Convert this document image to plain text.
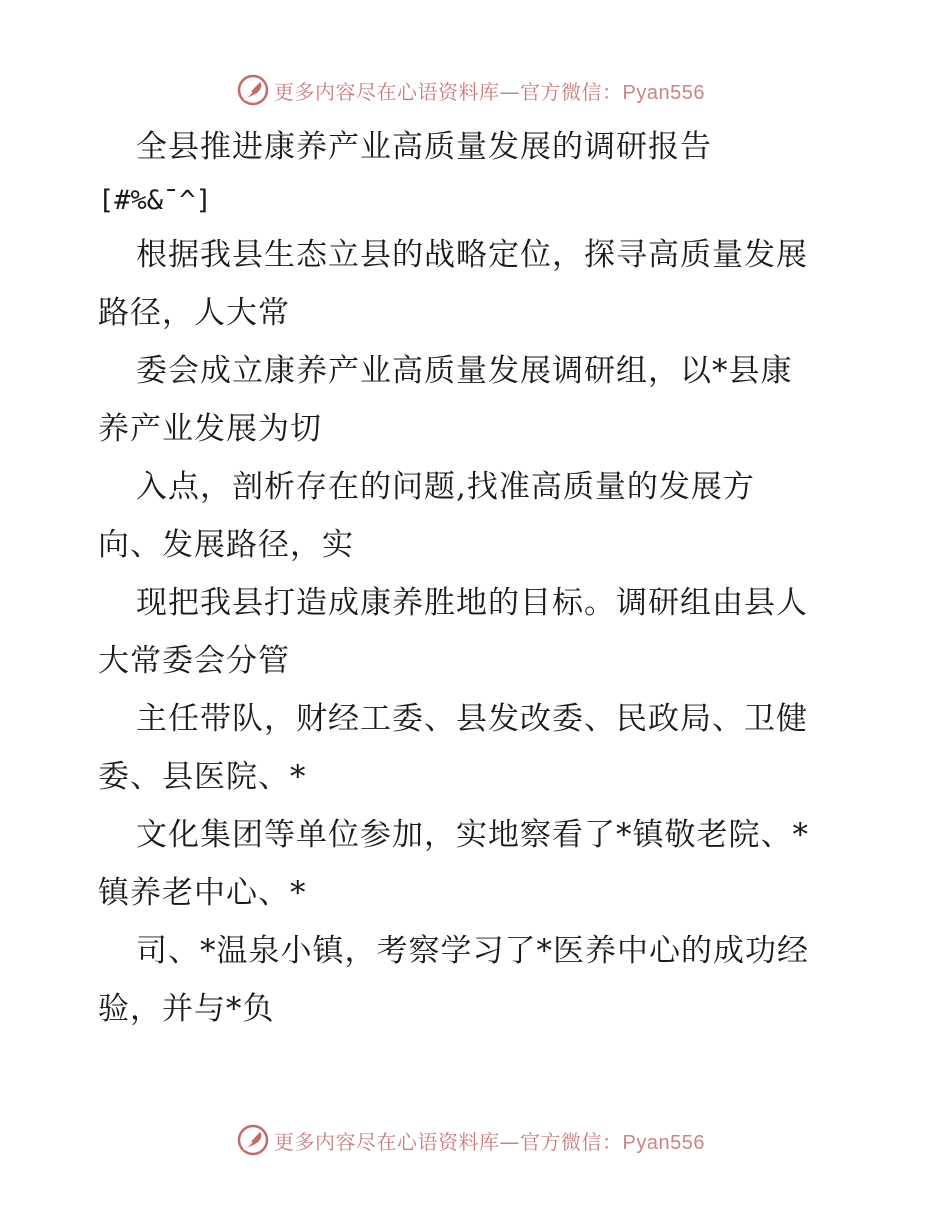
更多内容尽在心语资料库—官方微信：Pyan556
全县推进康养产业高质量发展的调研报告
[#%&¯^]
根据我县生态立县的战略定位，探寻高质量发展
路径，人大常
委会成立康养产业高质量发展调研组，以*县康
养产业发展为切
入点，剖析存在的问题,找准高质量的发展方
向、发展路径，实
现把我县打造成康养胜地的目标。调研组由县人
大常委会分管
主任带队，财经工委、县发改委、民政局、卫健
委、县医院、*
文化集团等单位参加，实地察看了*镇敬老院、*
镇养老中心、*
司、*温泉小镇，考察学习了*医养中心的成功经
验，并与*负
更多内容尽在心语资料库—官方微信：Pyan556
